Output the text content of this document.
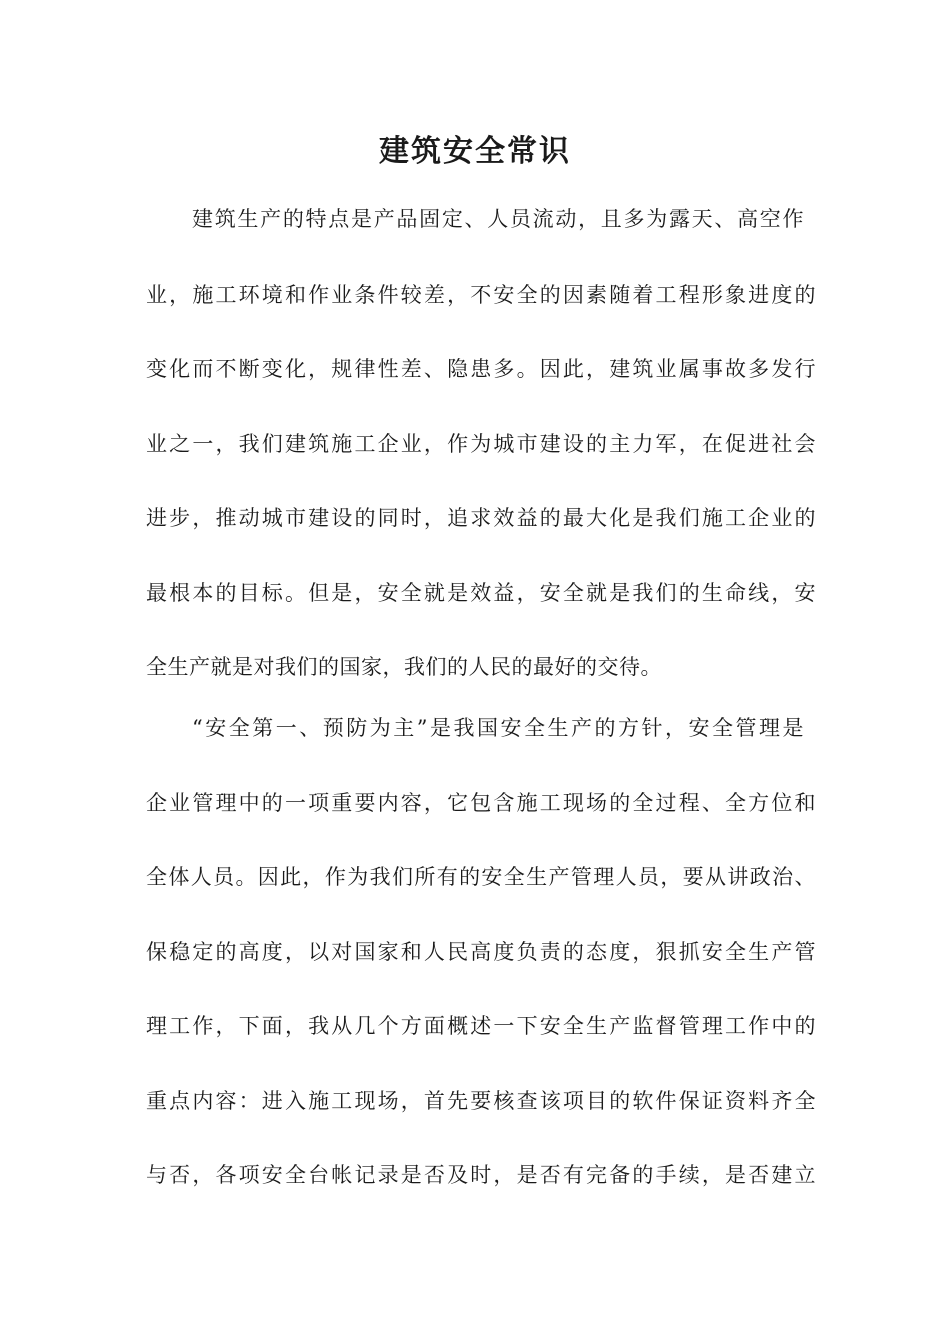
建筑安全常识
建筑生产的特点是产品固定、人员流动，且多为露天、高空作
业，施工环境和作业条件较差，不安全的因素随着工程形象进度的
变化而不断变化，规律性差、隐患多。因此，建筑业属事故多发行
业之一，我们建筑施工企业，作为城市建设的主力军，在促进社会
进步，推动城市建设的同时，追求效益的最大化是我们施工企业的
最根本的目标。但是，安全就是效益，安全就是我们的生命线，安
全生产就是对我们的国家，我们的人民的最好的交待。
“安全第一、预防为主”是我国安全生产的方针，安全管理是
企业管理中的一项重要内容，它包含施工现场的全过程、全方位和
全体人员。因此，作为我们所有的安全生产管理人员，要从讲政治、
保稳定的高度，以对国家和人民高度负责的态度，狠抓安全生产管
理工作，下面，我从几个方面概述一下安全生产监督管理工作中的
重点内容：进入施工现场，首先要核查该项目的软件保证资料齐全
与否，各项安全台帐记录是否及时，是否有完备的手续，是否建立
